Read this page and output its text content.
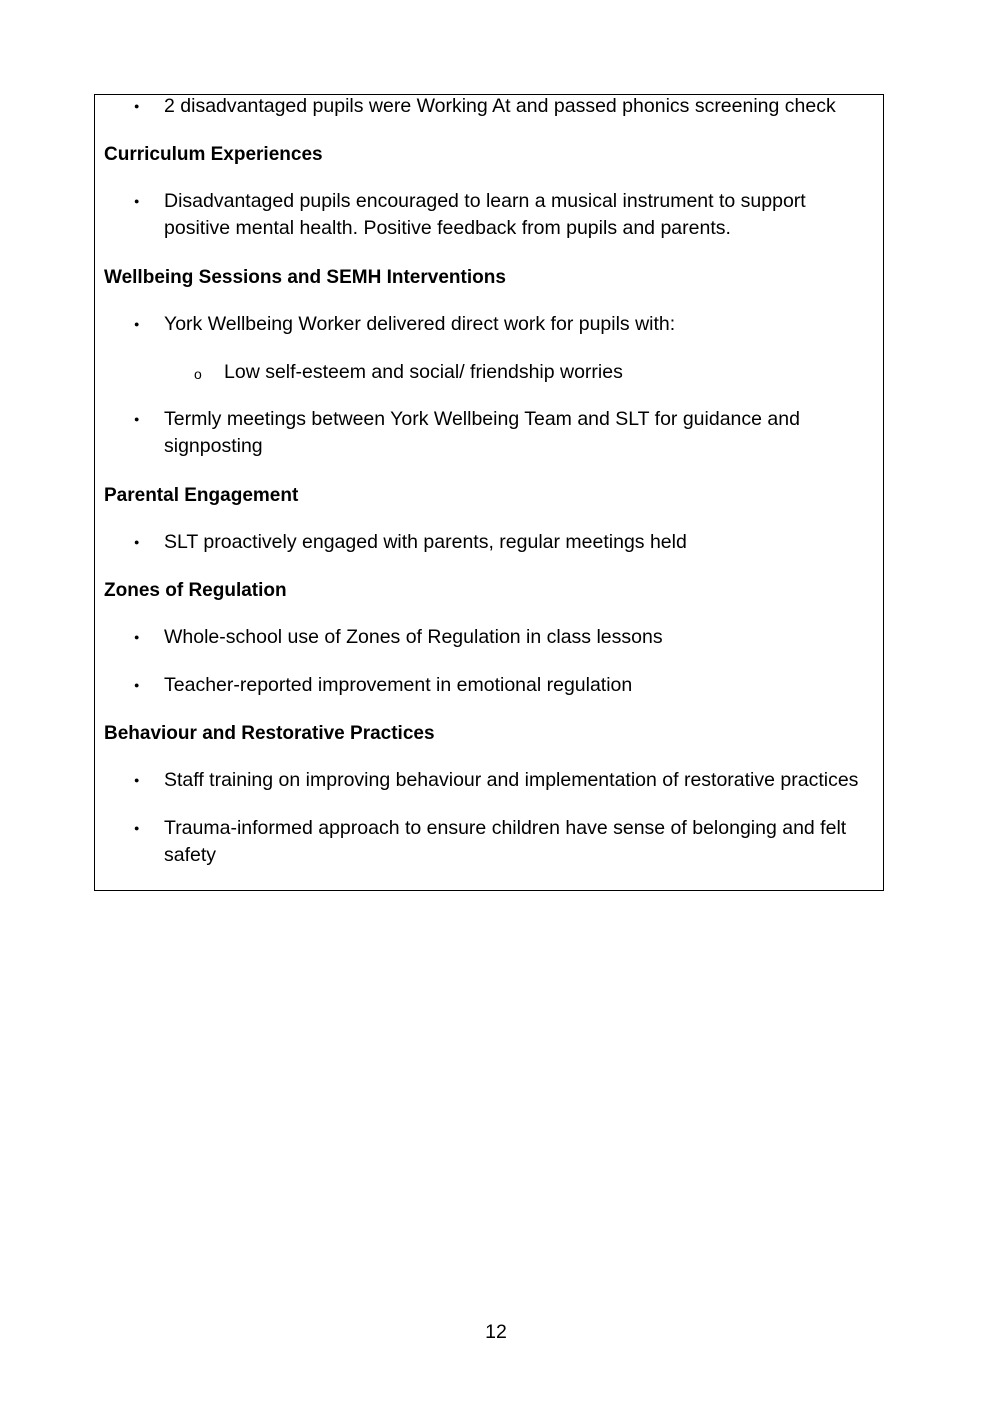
● 2 disadvantaged pupils were Working At and passed phonics screening check
Curriculum Experiences
● Disadvantaged pupils encouraged to learn a musical instrument to support positive mental health. Positive feedback from pupils and parents.
Wellbeing Sessions and SEMH Interventions
● York Wellbeing Worker delivered direct work for pupils with:
o Low self-esteem and social/ friendship worries
● Termly meetings between York Wellbeing Team and SLT for guidance and signposting
Parental Engagement
● SLT proactively engaged with parents, regular meetings held
Zones of Regulation
● Whole-school use of Zones of Regulation in class lessons
● Teacher-reported improvement in emotional regulation
Behaviour and Restorative Practices
● Staff training on improving behaviour and implementation of restorative practices
● Trauma-informed approach to ensure children have sense of belonging and felt safety
12
